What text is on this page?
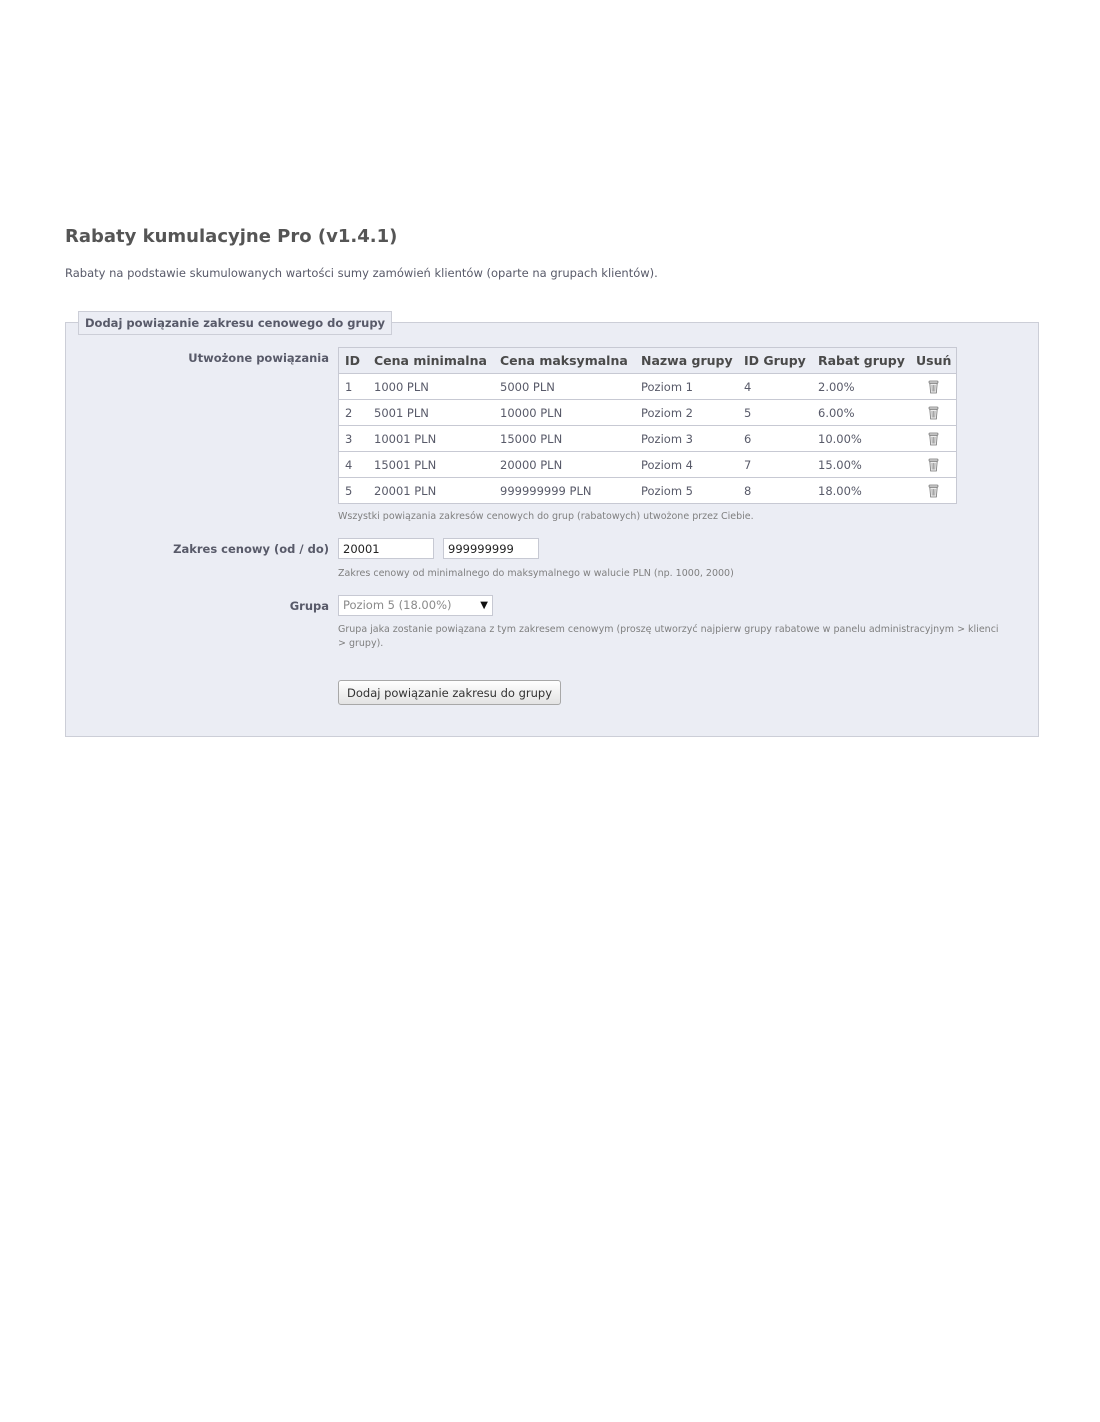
Rabaty kumulacyjne Pro (v1.4.1)

Rabaty na podstawie skumulowanych wartości sumy zamówień klientów (oparte na grupach klientów).

Dodaj powiązanie zakresu cenowego do grupy
Utwożone powiązania ID	Cena minimalna	Cena maksymalna	Nazwa grupy	ID Grupy	Rabat grupy	Usuń
1	1000 PLN	5000 PLN	Poziom 1	4	2.00%	
2	5001 PLN	10000 PLN	Poziom 2	5	6.00%	
3	10001 PLN	15000 PLN	Poziom 3	6	10.00%	
4	15001 PLN	20000 PLN	Poziom 4	7	15.00%	
5	20001 PLN	999999999 PLN	Poziom 5	8	18.00%	

Wszystki powiązania zakresów cenowych do grup (rabatowych) utwożone przez Ciebie.

Zakres cenowy (od / do)
20001
999999999

Zakres cenowy od minimalnego do maksymalnego w walucie PLN (np. 1000, 2000)

Grupa	Poziom 5 (18.00%)	▼

Grupa jaka zostanie powiązana z tym zakresem cenowym (proszę utworzyć najpierw grupy rabatowe w panelu administracyjnym > klienci > grupy).

Dodaj powiązanie zakresu do grupy
